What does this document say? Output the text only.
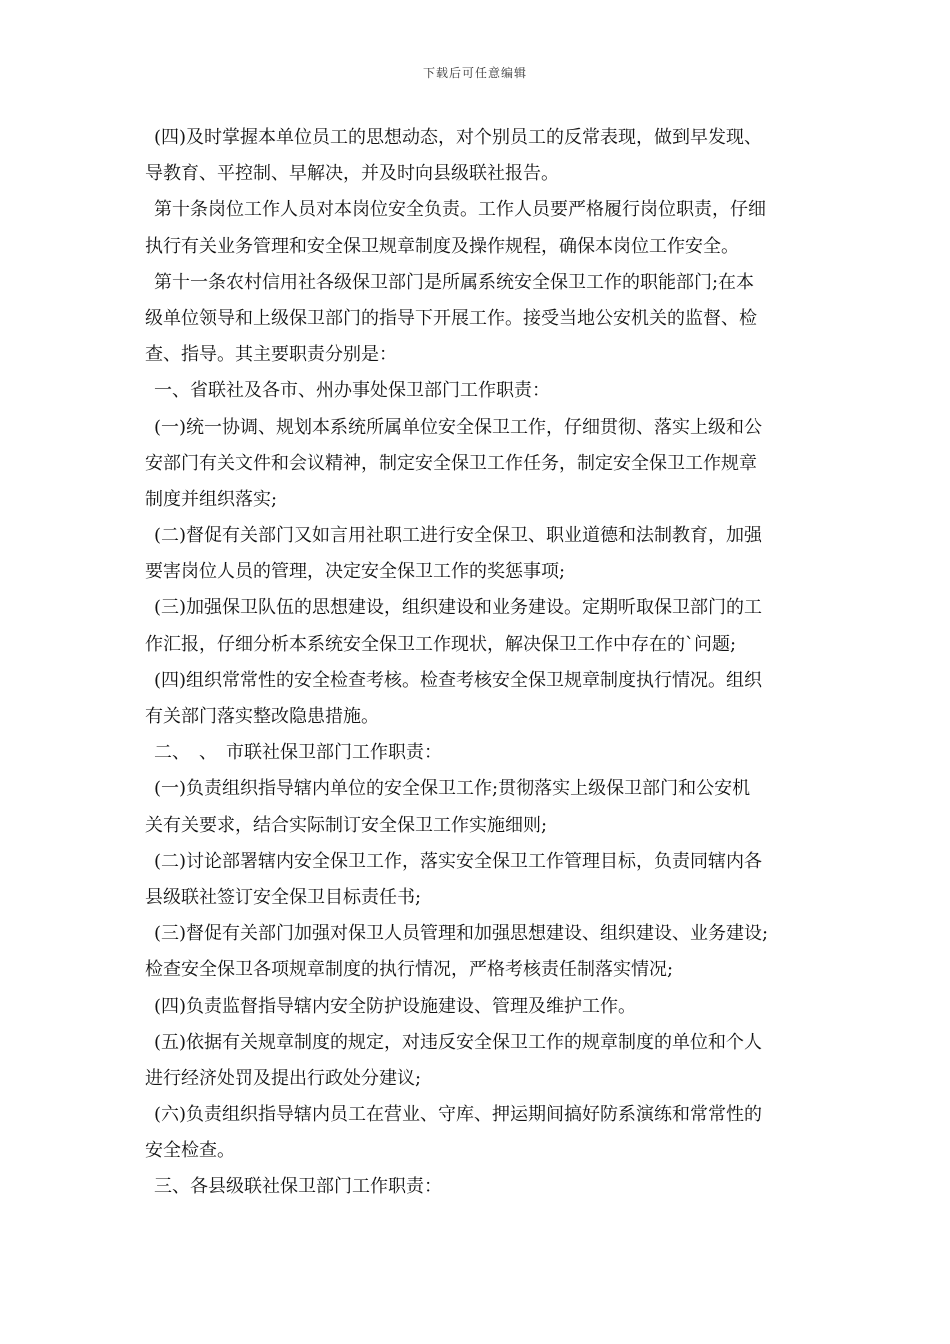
下载后可任意编辑
(四)及时掌握本单位员工的思想动态，对个别员工的反常表现，做到早发现、
导教育、平控制、早解决，并及时向县级联社报告。
第十条岗位工作人员对本岗位安全负责。工作人员要严格履行岗位职责，仔细
执行有关业务管理和安全保卫规章制度及操作规程，确保本岗位工作安全。
第十一条农村信用社各级保卫部门是所属系统安全保卫工作的职能部门;在本
级单位领导和上级保卫部门的指导下开展工作。接受当地公安机关的监督、检
查、指导。其主要职责分别是：
一、省联社及各市、州办事处保卫部门工作职责：
(一)统一协调、规划本系统所属单位安全保卫工作，仔细贯彻、落实上级和公
安部门有关文件和会议精神，制定安全保卫工作任务，制定安全保卫工作规章
制度并组织落实;
(二)督促有关部门又如言用社职工进行安全保卫、职业道德和法制教育，加强
要害岗位人员的管理，决定安全保卫工作的奖惩事项;
(三)加强保卫队伍的思想建设，组织建设和业务建设。定期听取保卫部门的工
作汇报，仔细分析本系统安全保卫工作现状，解决保卫工作中存在的`问题;
(四)组织常常性的安全检查考核。检查考核安全保卫规章制度执行情况。组织
有关部门落实整改隐患措施。
二、　、　市联社保卫部门工作职责：
(一)负责组织指导辖内单位的安全保卫工作;贯彻落实上级保卫部门和公安机
关有关要求，结合实际制订安全保卫工作实施细则;
(二)讨论部署辖内安全保卫工作，落实安全保卫工作管理目标，负责同辖内各
县级联社签订安全保卫目标责任书;
(三)督促有关部门加强对保卫人员管理和加强思想建设、组织建设、业务建设;
检查安全保卫各项规章制度的执行情况，严格考核责任制落实情况;
(四)负责监督指导辖内安全防护设施建设、管理及维护工作。
(五)依据有关规章制度的规定，对违反安全保卫工作的规章制度的单位和个人
进行经济处罚及提出行政处分建议;
(六)负责组织指导辖内员工在营业、守库、押运期间搞好防系演练和常常性的
安全检查。
三、各县级联社保卫部门工作职责：
